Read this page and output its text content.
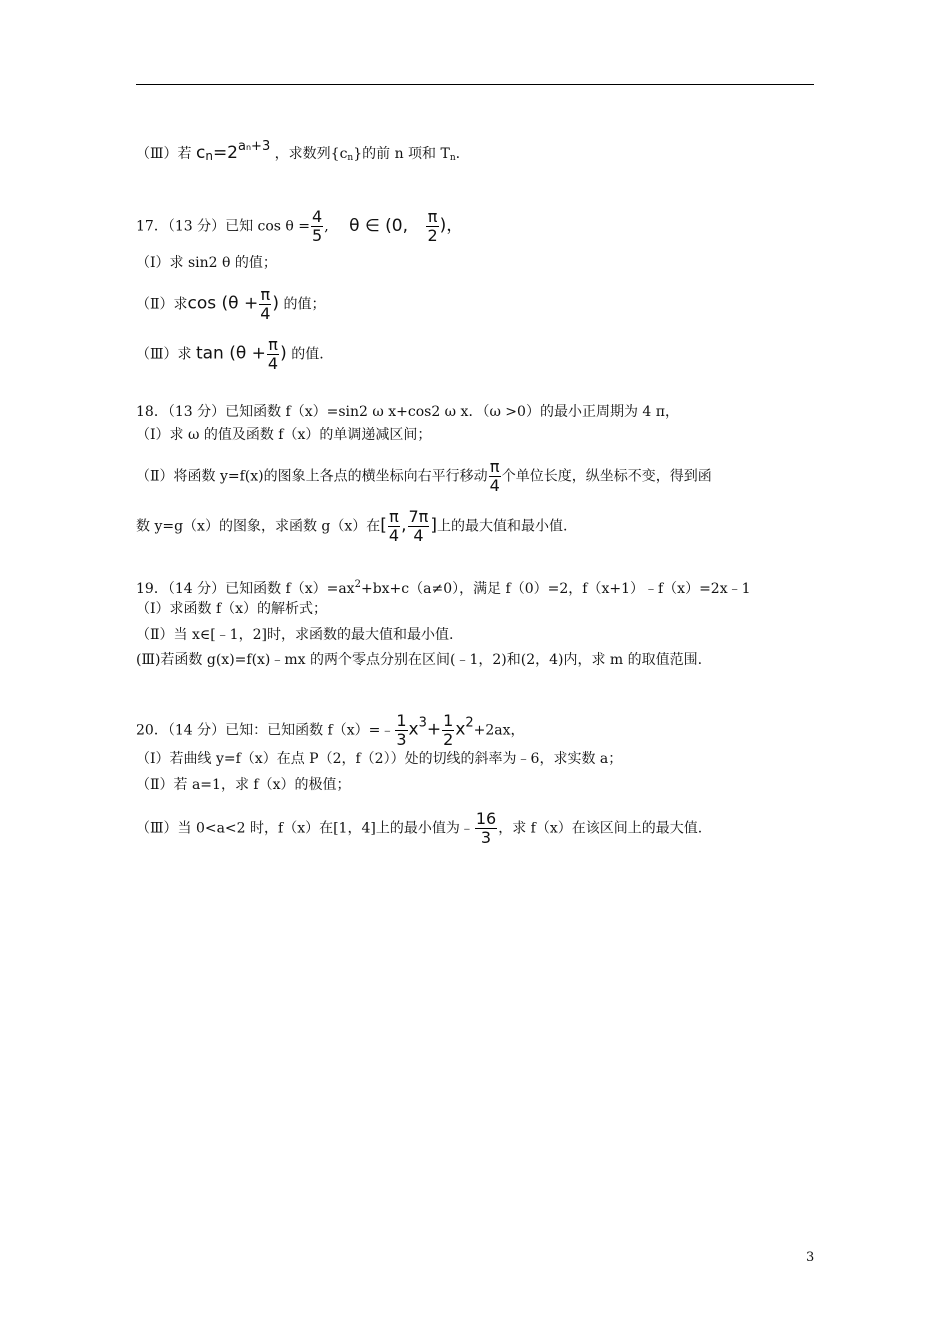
（Ⅲ）若 $cn=2^{an+3}$ ，求数列$\{c_n\}$的前 n 项和 $T_n$.
17．（13 分）已知 $\cos \theta = \frac{4}{5}$ , θ ∈ (0, $\frac{\pi}{2}$ )，
（Ⅰ）求 sin2 θ 的值；
（Ⅱ）求$\cos (\theta + \frac{\pi}{4}$ ) 的值；
（Ⅲ）求 $\tan (\theta + \frac{\pi}{4}$ ) 的值.
18．（13 分）已知函数 f（x）=sin2 ω x+cos2 ω x．（ω >0）的最小正周期为 4 π，
（Ⅰ）求 ω 的值及函数 f（x）的单调递减区间；
（Ⅱ）将函数 y=f(x)的图象上各点的横坐标向右平行移动 $\frac{\pi}{4}$ 个单位长度，纵坐标不变，得到函
数 y=g（x）的图象，求函数 g（x）在[ $\frac{\pi}{4}$ , $\frac{7\pi}{4}$ ]上的最大值和最小值.
19．（14 分）已知函数 $f(x)=ax^2+bx+c(a\ne 0)$，满足 f（0）=2，f（x+1）﹣f（x）=2x﹣1
（Ⅰ）求函数 f（x）的解析式；
（Ⅱ）当 x∈[﹣1，2]时，求函数的最大值和最小值.
(Ⅲ)若函数 g(x)=f(x)﹣mx 的两个零点分别在区间(﹣1，2)和(2，4)内，求 m 的取值范围.
20．（14 分）已知：已知函数 f（x）=﹣ $\frac{1}{3} x3+ \frac{1}{2} x2+2ax$，
（Ⅰ）若曲线 y=f（x）在点 P（2，f（2））处的切线的斜率为﹣6，求实数 a；
（Ⅱ）若 a=1，求 f（x）的极值；
（Ⅲ）当 0<a<2 时，f（x）在[1，4]上的最小值为﹣ $\frac{16}{3}$ ，求 f（x）在该区间上的最大值.
3
